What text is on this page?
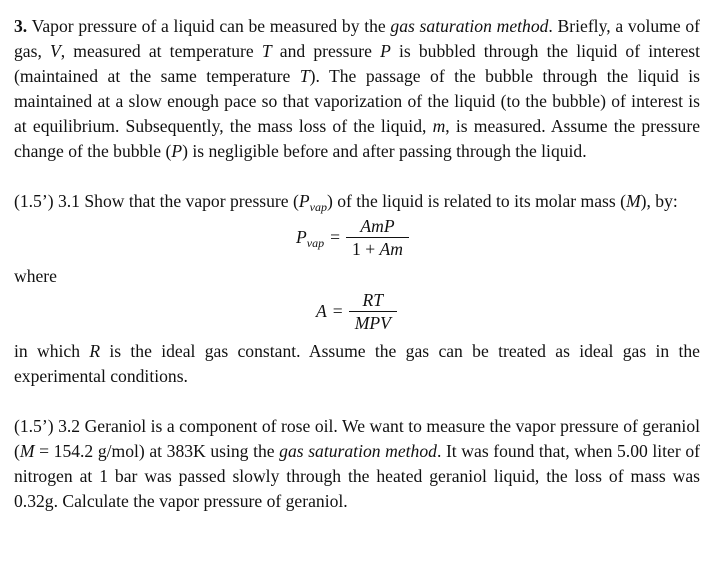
3. Vapor pressure of a liquid can be measured by the gas saturation method. Briefly, a volume of gas, V, measured at temperature T and pressure P is bubbled through the liquid of interest (maintained at the same temperature T). The passage of the bubble through the liquid is maintained at a slow enough pace so that vaporization of the liquid (to the bubble) of interest is at equilibrium. Subsequently, the mass loss of the liquid, m, is measured. Assume the pressure change of the bubble (P) is negligible before and after passing through the liquid.

(1.5’) 3.1 Show that the vapor pressure $(P_{vap})$ of the liquid is related to its molar mass (M), by:

$P_{vap} = \frac{\text{AmP}}{1 + Am}$

where

$A = \frac{RT}{\text{MPV}}$

in which R is the ideal gas constant. Assume the gas can be treated as ideal gas in the experimental conditions.

(1.5’) 3.2 Geraniol is a component of rose oil. We want to measure the vapor pressure of geraniol (M = 154.2 g/mol) at 383K using the gas saturation method. It was found that, when 5.00 liter of nitrogen at 1 bar was passed slowly through the heated geraniol liquid, the loss of mass was 0.32g. Calculate the vapor pressure of geraniol.
